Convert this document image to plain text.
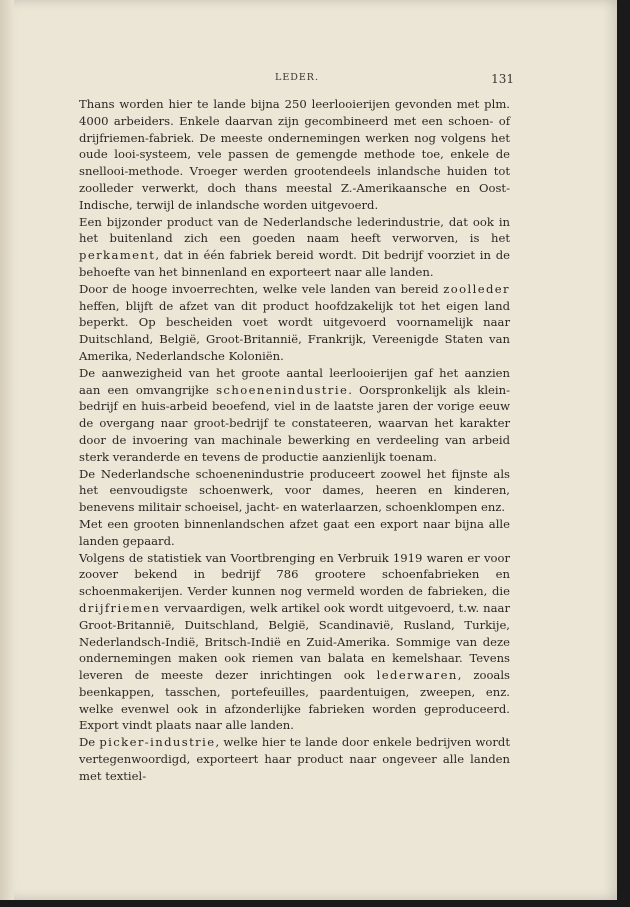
LEDER.	131

Thans worden hier te lande bijna 250 leerlooierijen gevonden met plm. 4000 arbeiders. Enkele daarvan zijn gecombineerd met een schoen- of drijfriemen-fabriek. De meeste ondernemingen werken nog volgens het oude looi-systeem, vele passen de gemengde methode toe, enkele de snellooi-methode. Vroeger werden grootendeels inlandsche huiden tot zoolleder verwerkt, doch thans meestal Z.-Amerikaansche en Oost-Indische, terwijl de inlandsche worden uitgevoerd.

Een bijzonder product van de Nederlandsche lederindustrie, dat ook in het buitenland zich een goeden naam heeft verworven, is het perkament, dat in één fabriek bereid wordt. Dit bedrijf voorziet in de behoefte van het binnenland en exporteert naar alle landen.

Door de hooge invoerrechten, welke vele landen van bereid zoolleder heffen, blijft de afzet van dit product hoofdzakelijk tot het eigen land beperkt. Op bescheiden voet wordt uitgevoerd voornamelijk naar Duitschland, België, Groot-Britannië, Frankrijk, Vereenigde Staten van Amerika, Nederlandsche Koloniën.

De aanwezigheid van het groote aantal leerlooierijen gaf het aanzien aan een omvangrijke schoenenindustrie. Oorspronkelijk als klein-bedrijf en huis-arbeid beoefend, viel in de laatste jaren der vorige eeuw de overgang naar groot-bedrijf te constateeren, waarvan het karakter door de invoering van machinale bewerking en verdeeling van arbeid sterk veranderde en tevens de productie aanzienlijk toenam.

De Nederlandsche schoenenindustrie produceert zoowel het fijnste als het eenvoudigste schoenwerk, voor dames, heeren en kinderen, benevens militair schoeisel, jacht- en waterlaarzen, schoenklompen enz.

Met een grooten binnenlandschen afzet gaat een export naar bijna alle landen gepaard.

Volgens de statistiek van Voortbrenging en Verbruik 1919 waren er voor zoover bekend in bedrijf 786 grootere schoenfabrieken en schoenmakerijen. Verder kunnen nog vermeld worden de fabrieken, die drijfriemen vervaardigen, welk artikel ook wordt uitgevoerd, t.w. naar Groot-Britannië, Duitschland, België, Scandinavië, Rusland, Turkije, Nederlandsch-Indië, Britsch-Indië en Zuid-Amerika. Sommige van deze ondernemingen maken ook riemen van balata en kemelshaar. Tevens leveren de meeste dezer inrichtingen ook lederwaren, zooals beenkappen, tasschen, portefeuilles, paardentuigen, zweepen, enz. welke evenwel ook in afzonderlijke fabrieken worden geproduceerd. Export vindt plaats naar alle landen.

De picker-industrie, welke hier te lande door enkele bedrijven wordt vertegenwoordigd, exporteert haar product naar ongeveer alle landen met textiel-
